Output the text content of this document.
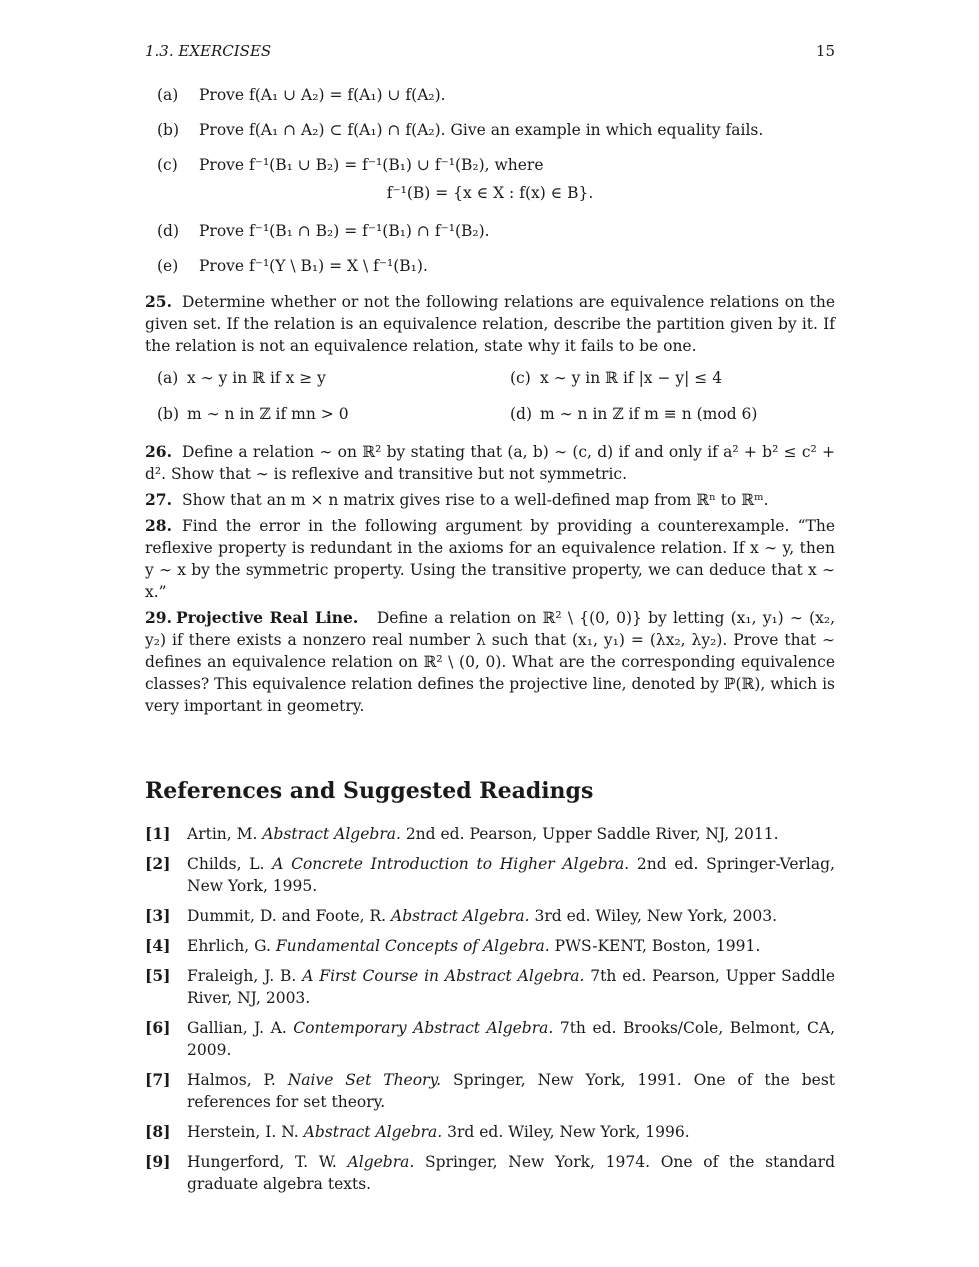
1.3. EXERCISES	15
(a) Prove f(A₁ ∪ A₂) = f(A₁) ∪ f(A₂).
(b) Prove f(A₁ ∩ A₂) ⊂ f(A₁) ∩ f(A₂). Give an example in which equality fails.
(c) Prove f⁻¹(B₁ ∪ B₂) = f⁻¹(B₁) ∪ f⁻¹(B₂), where
f⁻¹(B) = {x ∈ X : f(x) ∈ B}.
(d) Prove f⁻¹(B₁ ∩ B₂) = f⁻¹(B₁) ∩ f⁻¹(B₂).
(e) Prove f⁻¹(Y \ B₁) = X \ f⁻¹(B₁).

25. Determine whether or not the following relations are equivalence relations on the given set. If the relation is an equivalence relation, describe the partition given by it. If the relation is not an equivalence relation, state why it fails to be one.

(a) x ∼ y in ℝ if x ≥ y	(c) x ∼ y in ℝ if |x − y| ≤ 4
(b) m ∼ n in ℤ if mn > 0	(d) m ∼ n in ℤ if m ≡ n (mod 6)

26. Define a relation ∼ on ℝ² by stating that (a, b) ∼ (c, d) if and only if a² + b² ≤ c² + d². Show that ∼ is reflexive and transitive but not symmetric.

27. Show that an m × n matrix gives rise to a well-defined map from ℝⁿ to ℝᵐ.

28. Find the error in the following argument by providing a counterexample. “The reflexive property is redundant in the axioms for an equivalence relation. If x ∼ y, then y ∼ x by the symmetric property. Using the transitive property, we can deduce that x ∼ x.”

29. Projective Real Line. Define a relation on ℝ² \ {(0, 0)} by letting (x₁, y₁) ∼ (x₂, y₂) if there exists a nonzero real number λ such that (x₁, y₁) = (λx₂, λy₂). Prove that ∼ defines an equivalence relation on ℝ² \ (0, 0). What are the corresponding equivalence classes? This equivalence relation defines the projective line, denoted by ℙ(ℝ), which is very important in geometry.

References and Suggested Readings
[1] Artin, M. Abstract Algebra. 2nd ed. Pearson, Upper Saddle River, NJ, 2011.
[2] Childs, L. A Concrete Introduction to Higher Algebra. 2nd ed. Springer-Verlag, New York, 1995.
[3] Dummit, D. and Foote, R. Abstract Algebra. 3rd ed. Wiley, New York, 2003.
[4] Ehrlich, G. Fundamental Concepts of Algebra. PWS-KENT, Boston, 1991.
[5] Fraleigh, J. B. A First Course in Abstract Algebra. 7th ed. Pearson, Upper Saddle River, NJ, 2003.
[6] Gallian, J. A. Contemporary Abstract Algebra. 7th ed. Brooks/Cole, Belmont, CA, 2009.
[7] Halmos, P. Naive Set Theory. Springer, New York, 1991. One of the best references for set theory.
[8] Herstein, I. N. Abstract Algebra. 3rd ed. Wiley, New York, 1996.
[9] Hungerford, T. W. Algebra. Springer, New York, 1974. One of the standard graduate algebra texts.
